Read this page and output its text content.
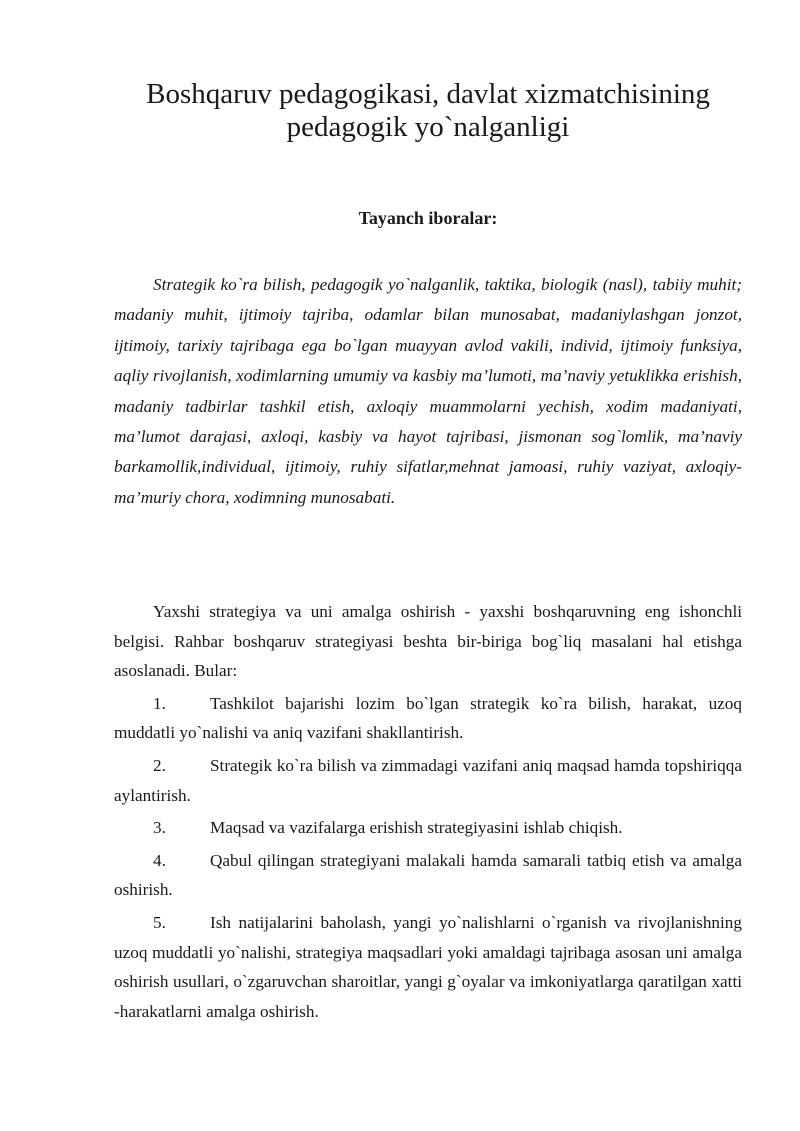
Boshqaruv pedagogikasi, davlat xizmatchisining pedagogik yo`nalganligi

Tayanch iboralar:

Strategik ko`ra bilish, pedagogik yo`nalganlik, taktika, biologik (nasl), tabiiy muhit; madaniy muhit, ijtimoiy tajriba, odamlar bilan munosabat, madaniylashgan jonzot, ijtimoiy, tarixiy tajribaga ega bo`lgan muayyan avlod vakili, individ, ijtimoiy funksiya, aqliy rivojlanish, xodimlarning umumiy va kasbiy ma’lumoti, ma’naviy yetuklikka erishish, madaniy tadbirlar tashkil etish, axloqiy muammolarni yechish, xodim madaniyati, ma’lumot darajasi, axloqi, kasbiy va hayot tajribasi, jismonan sog`lomlik, ma’naviy barkamollik,individual, ijtimoiy, ruhiy sifatlar,mehnat jamoasi, ruhiy vaziyat, axloqiy-ma’muriy chora, xodimning munosabati.

Yaxshi strategiya va uni amalga oshirish - yaxshi boshqaruvning eng ishonchli belgisi. Rahbar boshqaruv strategiyasi beshta bir-biriga bog`liq masalani hal etishga asoslanadi. Bular:

1.	Tashkilot bajarishi lozim bo`lgan strategik ko`ra bilish, harakat, uzoq muddatli yo`nalishi va aniq vazifani shakllantirish.

2.	Strategik ko`ra bilish va zimmadagi vazifani aniq maqsad hamda topshiriqqa aylantirish.

3.	Maqsad va vazifalarga erishish strategiyasini ishlab chiqish.

4.	Qabul qilingan strategiyani malakali hamda samarali tatbiq etish va amalga oshirish.

5.	Ish natijalarini baholash, yangi yo`nalishlarni o`rganish va rivojlanishning uzoq muddatli yo`nalishi, strategiya maqsadlari yoki amaldagi tajribaga asosan uni amalga oshirish usullari, o`zgaruvchan sharoitlar, yangi g`oyalar va imkoniyatlarga qaratilgan xatti -harakatlarni amalga oshirish.
